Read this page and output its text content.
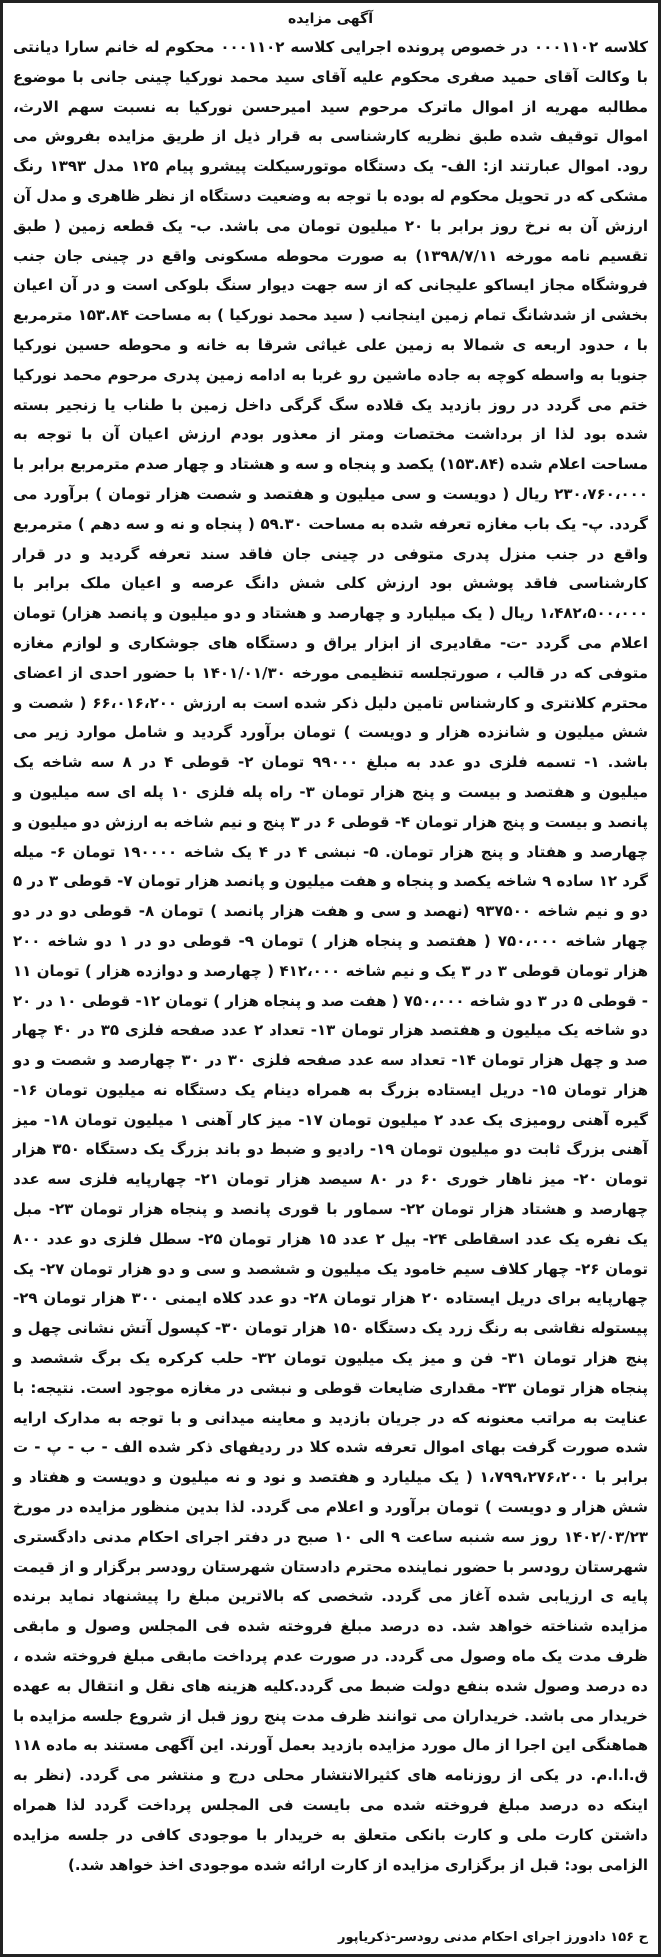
آگهی مزایده

کلاسه ۰۰۰۱۱۰۲ در خصوص پرونده اجرایی کلاسه ۰۰۰۱۱۰۲ محکوم له خانم سارا دیانتی با وکالت آقای حمید صفری محکوم علیه آقای سید محمد نورکیا چینی جانی با موضوع مطالبه مهریه از اموال ماترک مرحوم سید امیرحسن نورکیا به نسبت سهم الارث، اموال توقیف شده طبق نظریه کارشناسی به قرار ذیل از طریق مزایده بفروش می رود. اموال عبارتند از: الف- یک دستگاه موتورسیکلت پیشرو پیام ۱۲۵ مدل ۱۳۹۳ رنگ مشکی که در تحویل محکوم له بوده با توجه به وضعیت دستگاه از نظر ظاهری و مدل آن ارزش آن به نرخ روز برابر با ۲۰ میلیون تومان می باشد. ب- یک قطعه زمین ( طبق تقسیم نامه مورخه ۱۳۹۸/۷/۱۱) به صورت محوطه مسکونی واقع در چینی جان جنب فروشگاه مجاز ایساکو علیجانی که از سه جهت دیوار سنگ بلوکی است و در آن اعیان بخشی از شدشانگ تمام زمین اینجانب ( سید محمد نورکیا ) به مساحت ۱۵۳.۸۴ مترمربع با ، حدود اربعه ی شمالا به زمین علی غیاثی شرقا به خانه و محوطه حسین نورکیا جنوبا به واسطه کوچه به جاده ماشین رو غربا به ادامه زمین پدری مرحوم محمد نورکیا ختم می گردد در روز بازدید یک قلاده سگ گرگی داخل زمین با طناب یا زنجیر بسته شده بود لذا از برداشت مختصات ومتر از معذور بودم ارزش اعیان آن با توجه به مساحت اعلام شده (۱۵۳.۸۴) یکصد و پنجاه و سه و هشتاد و چهار صدم مترمربع برابر با ۲۳۰،۷۶۰،۰۰۰ ریال ( دویست و سی میلیون و هفتصد و شصت هزار تومان ) برآورد می گردد. پ- یک باب مغازه تعرفه شده به مساحت ۵۹.۳۰ ( پنجاه و نه و سه دهم ) مترمربع واقع در جنب منزل پدری متوفی در چینی جان فاقد سند تعرفه گردید و در قرار کارشناسی فاقد پوشش بود ارزش کلی شش دانگ عرصه و اعیان ملک برابر با ۱،۴۸۲،۵۰۰،۰۰۰ ریال ( یک میلیارد و چهارصد و هشتاد و دو میلیون و پانصد هزار) تومان اعلام می گردد -ت- مقادیری از ابزار یراق و دستگاه های جوشکاری و لوازم مغازه متوفی که در قالب ، صورتجلسه تنظیمی مورخه ۱۴۰۱/۰۱/۳۰ با حضور احدی از اعضای محترم کلانتری و کارشناس تامین دلیل ذکر شده است به ارزش ۶۶،۰۱۶،۲۰۰ ( شصت و شش میلیون و شانزده هزار و دویست ) تومان برآورد گردید و شامل موارد زیر می باشد. ۱- تسمه فلزی دو عدد به مبلغ ۹۹۰۰۰ تومان ۲- قوطی ۴ در ۸ سه شاخه یک میلیون و هفتصد و بیست و پنج هزار تومان ۳- راه پله فلزی ۱۰ پله ای سه میلیون و پانصد و بیست و پنج هزار تومان ۴- قوطی ۶ در ۳ پنج و نیم شاخه به ارزش دو میلیون و چهارصد و هفتاد و پنج هزار تومان. ۵- نبشی ۴ در ۴ یک شاخه ۱۹۰۰۰۰ تومان ۶- میله گرد ۱۲ ساده ۹ شاخه یکصد و پنجاه و هفت میلیون و پانصد هزار تومان ۷- قوطی ۳ در ۵ دو و نیم شاخه ۹۳۷۵۰۰ (نهصد و سی و هفت هزار پانصد ) تومان ۸- قوطی دو در دو چهار شاخه ۷۵۰،۰۰۰ ( هفتصد و پنجاه هزار ) تومان ۹- قوطی دو در ۱ دو شاخه ۲۰۰ هزار تومان قوطی ۳ در ۳ یک و نیم شاخه ۴۱۲،۰۰۰ ( چهارصد و دوازده هزار ) تومان ۱۱ - قوطی ۵ در ۳ دو شاخه ۷۵۰،۰۰۰ ( هفت صد و پنجاه هزار ) تومان ۱۲- قوطی ۱۰ در ۲۰ دو شاخه یک میلیون و هفتصد هزار تومان ۱۳- تعداد ۲ عدد صفحه فلزی ۳۵ در ۴۰ چهار صد و چهل هزار تومان ۱۴- تعداد سه عدد صفحه فلزی ۳۰ در ۳۰ چهارصد و شصت و دو هزار تومان ۱۵- دریل ایستاده بزرگ به همراه دینام یک دستگاه نه میلیون تومان ۱۶- گیره آهنی رومیزی یک عدد ۲ میلیون تومان ۱۷- میز کار آهنی ۱ میلیون تومان ۱۸- میز آهنی بزرگ ثابت دو میلیون تومان ۱۹- رادیو و ضبط دو باند بزرگ یک دستگاه ۳۵۰ هزار تومان ۲۰- میز ناهار خوری ۶۰ در ۸۰ سیصد هزار تومان ۲۱- چهارپایه فلزی سه عدد چهارصد و هشتاد هزار تومان ۲۲- سماور با قوری پانصد و پنجاه هزار تومان ۲۳- مبل یک نفره یک عدد اسقاطی ۲۴- بیل ۲ عدد ۱۵ هزار تومان ۲۵- سطل فلزی دو عدد ۸۰۰ تومان ۲۶- چهار کلاف سیم خامود یک میلیون و ششصد و سی و دو هزار تومان ۲۷- یک چهارپایه برای دریل ایستاده ۲۰ هزار تومان ۲۸- دو عدد کلاه ایمنی ۳۰۰ هزار تومان ۲۹- پیستوله نقاشی به رنگ زرد یک دستگاه ۱۵۰ هزار تومان ۳۰- کپسول آتش نشانی چهل و پنج هزار تومان ۳۱- فن و میز یک میلیون تومان ۳۲- حلب کرکره یک برگ ششصد و پنجاه هزار تومان ۳۳- مقداری ضایعات قوطی و نبشی در مغازه موجود است. نتیجه: با عنایت به مراتب معنونه که در جریان بازدید و معاینه میدانی و با توجه به مدارک ارایه شده صورت گرفت بهای اموال تعرفه شده کلا در ردیفهای ذکر شده الف - ب - پ - ت برابر با ۱،۷۹۹،۲۷۶،۲۰۰ ( یک میلیارد و هفتصد و نود و نه میلیون و دویست و هفتاد و شش هزار و دویست ) تومان برآورد و اعلام می گردد. لذا بدین منظور مزایده در مورخ ۱۴۰۲/۰۳/۲۳ روز سه شنبه ساعت ۹ الی ۱۰ صبح در دفتر اجرای احکام مدنی دادگستری شهرستان رودسر با حضور نماینده محترم دادستان شهرستان رودسر برگزار و از قیمت پایه ی ارزیابی شده آغاز می گردد. شخصی که بالاترین مبلغ را پیشنهاد نماید برنده مزایده شناخته خواهد شد. ده درصد مبلغ فروخته شده فی المجلس وصول و مابقی ظرف مدت یک ماه وصول می گردد. در صورت عدم پرداخت مابقی مبلغ فروخته شده ، ده درصد وصول شده بنفع دولت ضبط می گردد.کلیه هزینه های نقل و انتقال به عهده خریدار می باشد. خریداران می توانند ظرف مدت پنج روز قبل از شروع جلسه مزایده با هماهنگی این اجرا از مال مورد مزایده بازدید بعمل آورند. این آگهی مستند به ماده ۱۱۸ ق.ا.ا.م. در یکی از روزنامه های کثیرالانتشار محلی درج و منتشر می گردد. (نظر به اینکه ده درصد مبلغ فروخته شده می بایست فی المجلس پرداخت گردد لذا همراه داشتن کارت ملی و کارت بانکی متعلق به خریدار با موجودی کافی در جلسه مزایده الزامی بود: قبل از برگزاری مزایده از کارت ارائه شده موجودی اخذ خواهد شد.)

ح ۱۵۶ دادورز اجرای احکام مدنی رودسر-ذکریاپور
